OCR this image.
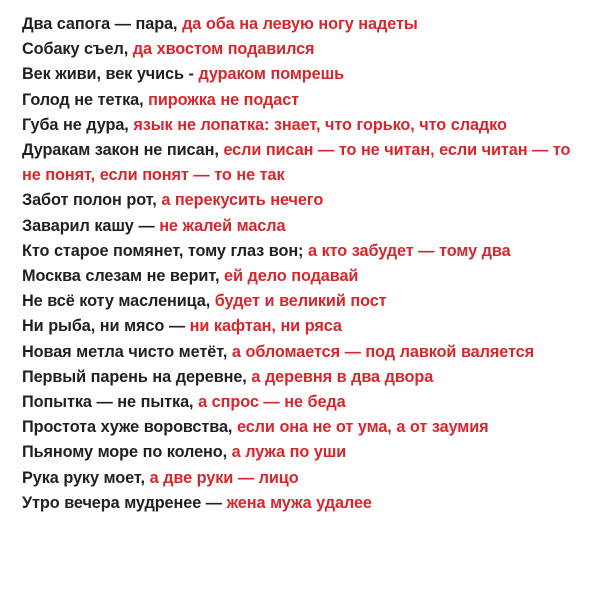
Два сапога — пара, да оба на левую ногу надеты

Собаку съел, да хвостом подавился

Век живи, век учись - дураком помрешь

Голод не тетка, пирожка не подаст

Губа не дура, язык не лопатка: знает, что горько, что сладко

Дуракам закон не писан, если писан — то не читан, если читан — то не понят, если понят — то не так

Забот полон рот, а перекусить нечего

Заварил кашу — не жалей масла

Кто старое помянет, тому глаз вон; а кто забудет — тому два

Москва слезам не верит, ей дело подавай

Не всё коту масленица, будет и великий пост

Ни рыба, ни мясо — ни кафтан, ни ряса

Новая метла чисто метёт, а обломается — под лавкой валяется

Первый парень на деревне, а деревня в два двора

Попытка — не пытка, а спрос — не беда

Простота хуже воровства, если она не от ума, а от заумия

Пьяному море по колено, а лужа по уши

Рука руку моет, а две руки — лицо

Утро вечера мудренее — жена мужа удалее
